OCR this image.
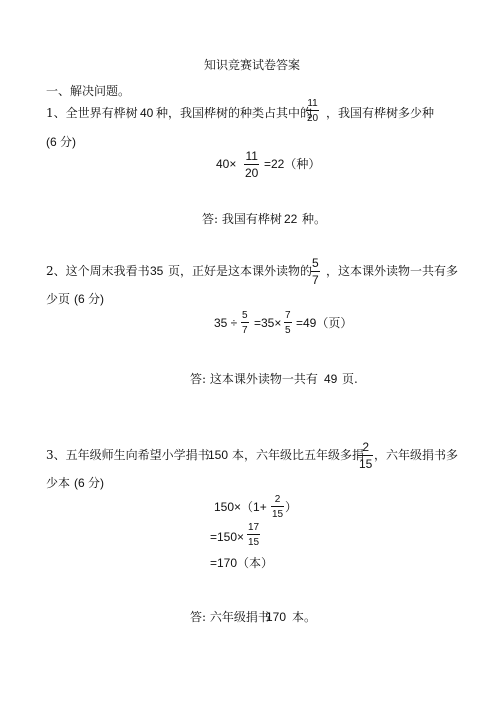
知识竞赛试卷答案
一、解决问题。
1、全世界有桦树 40 种，我国桦树的种类占其中的
11
20 ，我国有桦树多少种
(6 分)
40×
11
20
=22（种）
答: 我国有桦树 22 种。
2、这个周末我看书 35 页，正好是这本课外读物的
5
7
，这本课外读物一共有多
少页 (6 分)
35 ÷
5
7
=35×
7
5
=49（页）
答: 这本课外读物一共有 49 页.
3、五年级师生向希望小学捐书
150 本，六年级比五年级多捐
2
15
，六年级捐书多
少本 (6 分)
150×（1+
2
15
）
=150×
17
15
=170（本）
答: 六年级捐书
170 本。
